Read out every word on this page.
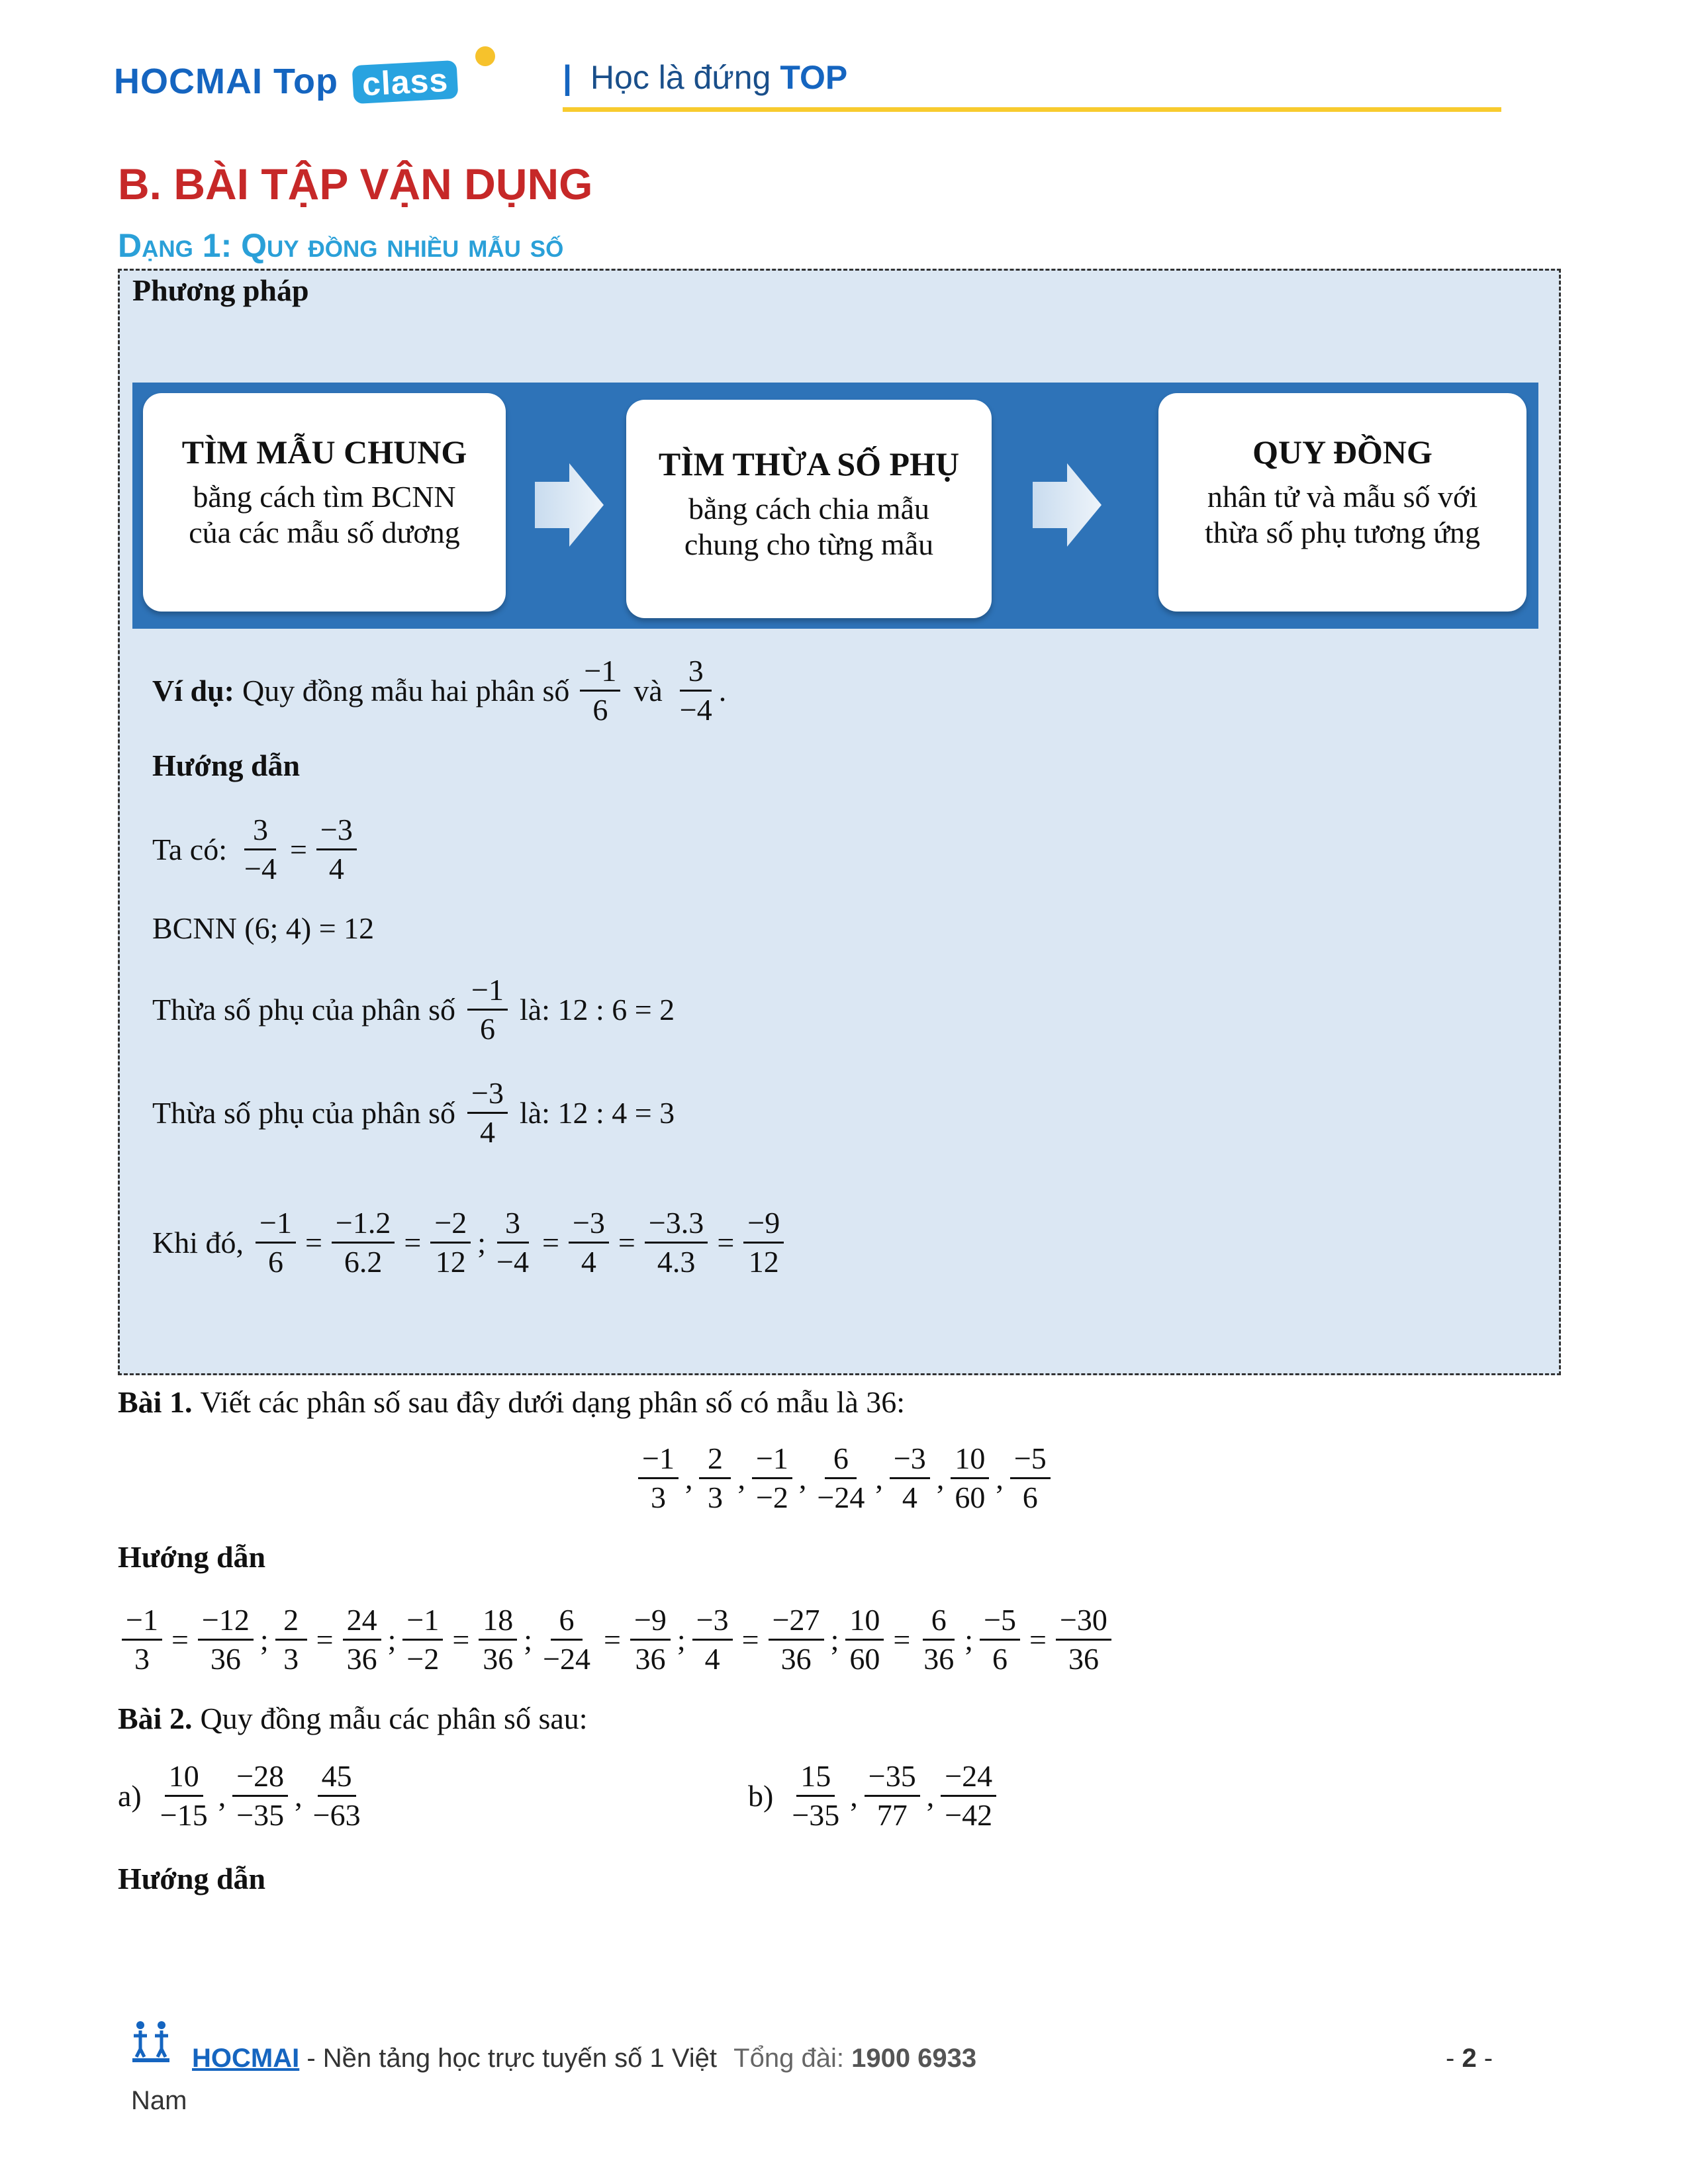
HOCMAI Top class	| Học là đứng TOP
B. BÀI TẬP VẬN DỤNG
Dạng 1: Quy đồng nhiều mẫu số
Phương pháp
TÌM MẪU CHUNG
bằng cách tìm BCNN
của các mẫu số dương
TÌM THỪA SỐ PHỤ
bằng cách chia mẫu
chung cho từng mẫu
QUY ĐỒNG
nhân tử và mẫu số với
thừa số phụ tương ứng
Ví dụ: Quy đồng mẫu hai phân số $\frac{-1}{6}$ và $\frac{3}{-4}$ .
Hướng dẫn
Ta có: $\frac{3}{-4} = \frac{-3}{4}$
BCNN (6; 4) = 12
Thừa số phụ của phân số $\frac{-1}{6}$ là: 12 : 6 = 2
Thừa số phụ của phân số $\frac{-3}{4}$ là: 12 : 4 = 3
Khi đó, $\frac{-1}{6} = \frac{-1.2}{6.2} = \frac{-2}{12}$ ; $\frac{3}{-4} = \frac{-3}{4} = \frac{-3.3}{4.3} = \frac{-9}{12}$
Bài 1. Viết các phân số sau đây dưới dạng phân số có mẫu là 36:
$\frac{-1}{3}$ , $\frac{2}{3}$ , $\frac{-1}{-2}$ , $\frac{6}{-24}$ , $\frac{-3}{4}$ , $\frac{10}{60}$ , $\frac{-5}{6}$
Hướng dẫn
$\frac{-1}{3} = \frac{-12}{36}$ ; $\frac{2}{3} = \frac{24}{36}$ ; $\frac{-1}{-2} = \frac{18}{36}$ ; $\frac{6}{-24} = \frac{-9}{36}$ ; $\frac{-3}{4} = \frac{-27}{36}$ ; $\frac{10}{60} = \frac{6}{36}$ ; $\frac{-5}{6} = \frac{-30}{36}$
Bài 2. Quy đồng mẫu các phân số sau:
$a) \frac{10}{-15}$ , $\frac{-28}{-35}$ , $\frac{45}{-63}$	$b) \frac{15}{-35}$ , $\frac{-35}{77}$ , $\frac{-24}{-42}$
Hướng dẫn
HOCMAI - Nền tảng học trực tuyến số 1 Việt Tổng đài: 1900 6933	- 2 -
Nam
